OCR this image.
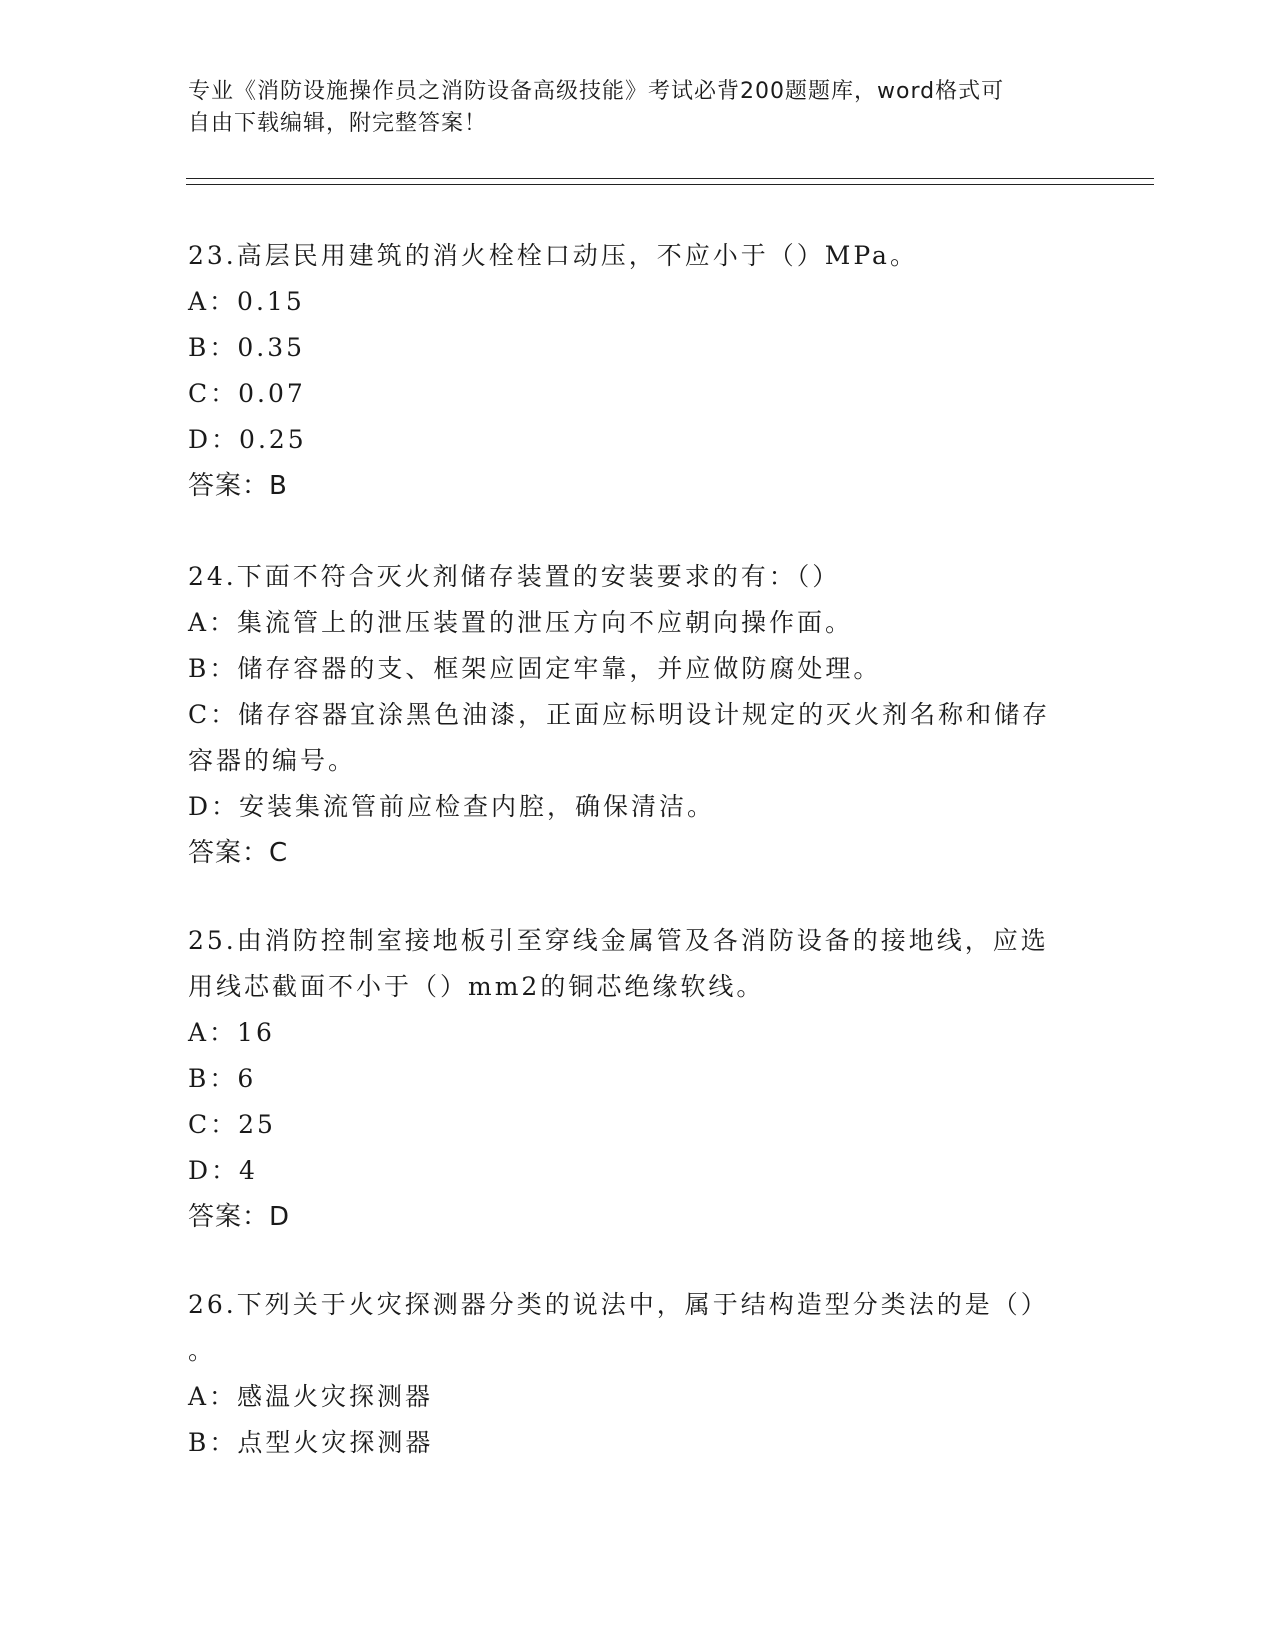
专业《消防设施操作员之消防设备高级技能》考试必背200题题库，word格式可
自由下载编辑，附完整答案！
23.高层民用建筑的消火栓栓口动压，不应小于（）MPa。
A：0.15
B：0.35
C：0.07
D：0.25
答案：B
24.下面不符合灭火剂储存装置的安装要求的有：（）
A：集流管上的泄压装置的泄压方向不应朝向操作面。
B：储存容器的支、框架应固定牢靠，并应做防腐处理。
C：储存容器宜涂黑色油漆，正面应标明设计规定的灭火剂名称和储存
容器的编号。
D：安装集流管前应检查内腔，确保清洁。
答案：C
25.由消防控制室接地板引至穿线金属管及各消防设备的接地线，应选
用线芯截面不小于（）mm2的铜芯绝缘软线。
A：16
B：6
C：25
D：4
答案：D
26.下列关于火灾探测器分类的说法中，属于结构造型分类法的是（）
。
A：感温火灾探测器
B：点型火灾探测器
